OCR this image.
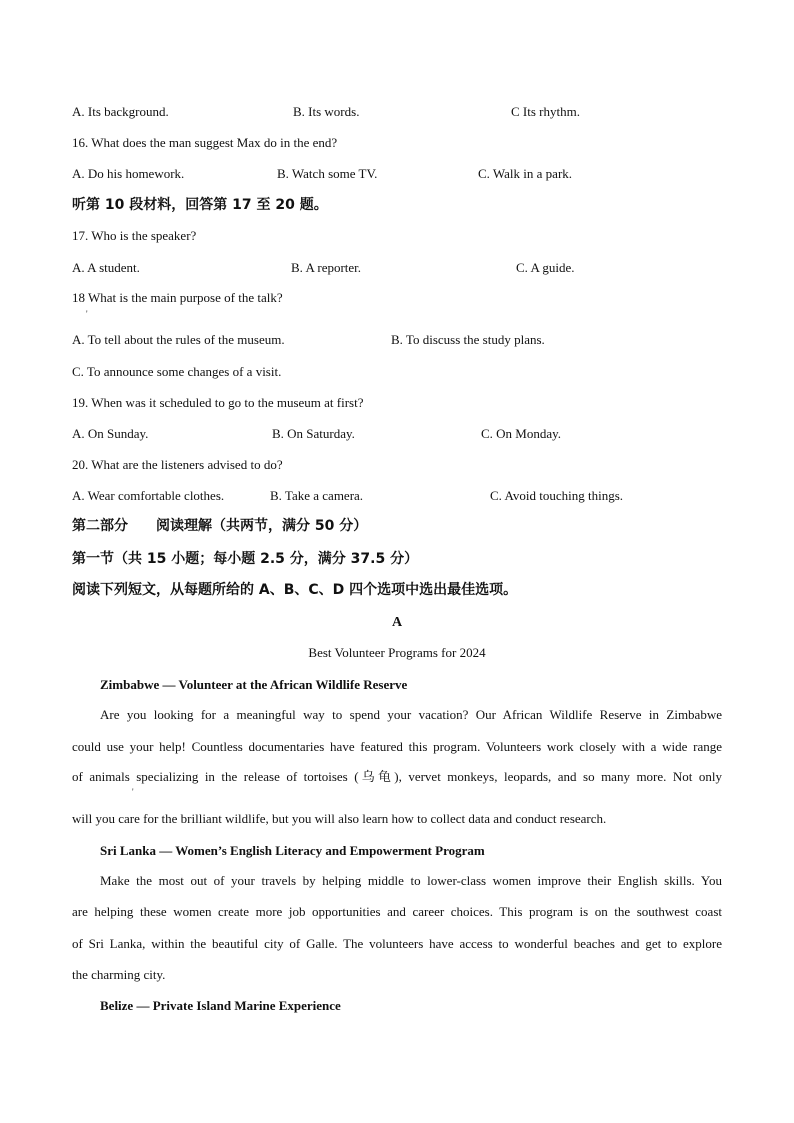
A. Its background.	B. Its words.	C Its rhythm.
16. What does the man suggest Max do in the end?
A. Do his homework.	B. Watch some TV.	C. Walk in a park.
听第 10 段材料，回答第 17 至 20 题。
17. Who is the speaker?
A. A student.	B. A reporter.	C. A guide.
18 What is the main purpose of the talk?
'
A. To tell about the rules of the museum.	B. To discuss the study plans.
C. To announce some changes of a visit.
19. When was it scheduled to go to the museum at first?
A. On Sunday.	B. On Saturday.	C. On Monday.
20. What are the listeners advised to do?
A. Wear comfortable clothes.	B. Take a camera.	C. Avoid touching things.
第二部分　　阅读理解（共两节，满分 50 分）
第一节（共 15 小题；每小题 2.5 分，满分 37.5 分）
阅读下列短文，从每题所给的 A、B、C、D 四个选项中选出最佳选项。
A
Best Volunteer Programs for 2024
Zimbabwe — Volunteer at the African Wildlife Reserve
Are you looking for a meaningful way to spend your vacation? Our African Wildlife Reserve in Zimbabwe
could use your help! Countless documentaries have featured this program. Volunteers work closely with a wide range
of animals specializing in the release of tortoises (乌龟), vervet monkeys, leopards, and so many more. Not only
'
will you care for the brilliant wildlife, but you will also learn how to collect data and conduct research.
Sri Lanka — Women’s English Literacy and Empowerment Program
Make the most out of your travels by helping middle to lower-class women improve their English skills. You
are helping these women create more job opportunities and career choices. This program is on the southwest coast
of Sri Lanka, within the beautiful city of Galle. The volunteers have access to wonderful beaches and get to explore
the charming city.
Belize — Private Island Marine Experience
